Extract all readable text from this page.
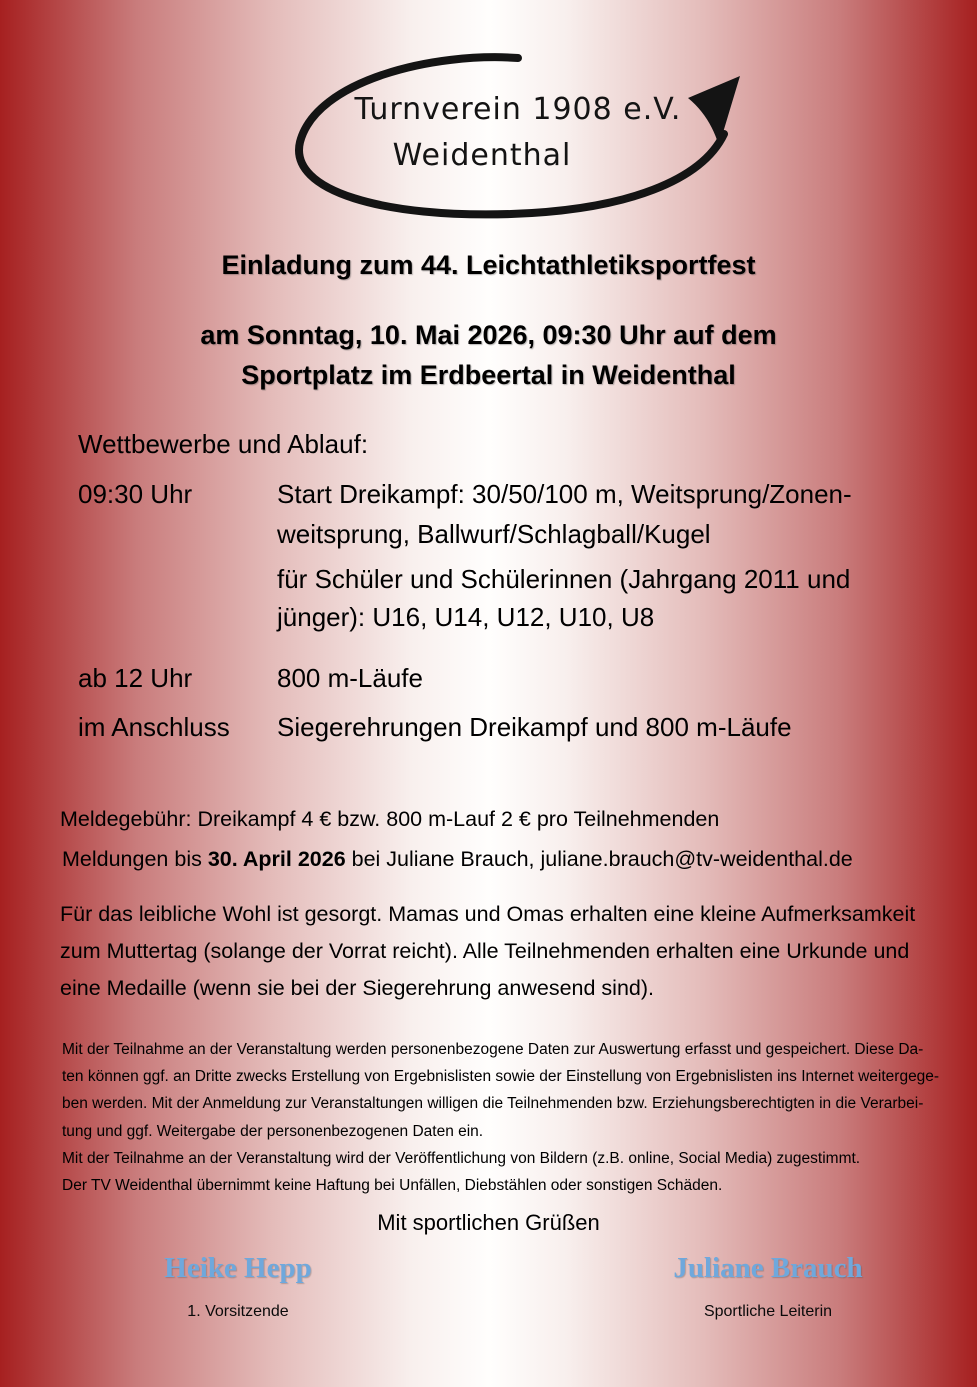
Turnverein 1908 e.V.
Weidenthal
Einladung zum 44. Leichtathletiksportfest
am Sonntag, 10. Mai 2026, 09:30 Uhr auf dem
Sportplatz im Erdbeertal in Weidenthal
Wettbewerbe und Ablauf:
09:30 Uhr	Start Dreikampf: 30/50/100 m, Weitsprung/Zonen-
weitsprung, Ballwurf/Schlagball/Kugel
für Schüler und Schülerinnen (Jahrgang 2011 und
jünger): U16, U14, U12, U10, U8
ab 12 Uhr	800 m-Läufe
im Anschluss Siegerehrungen Dreikampf und 800 m-Läufe
Meldegebühr: Dreikampf 4 € bzw. 800 m-Lauf 2 € pro Teilnehmenden
Meldungen bis 30. April 2026 bei Juliane Brauch, juliane.brauch@tv-weidenthal.de
Für das leibliche Wohl ist gesorgt. Mamas und Omas erhalten eine kleine Aufmerksamkeit
zum Muttertag (solange der Vorrat reicht). Alle Teilnehmenden erhalten eine Urkunde und
eine Medaille (wenn sie bei der Siegerehrung anwesend sind).
Mit der Teilnahme an der Veranstaltung werden personenbezogene Daten zur Auswertung erfasst und gespeichert. Diese Da-
ten können ggf. an Dritte zwecks Erstellung von Ergebnislisten sowie der Einstellung von Ergebnislisten ins Internet weitergege-
ben werden. Mit der Anmeldung zur Veranstaltungen willigen die Teilnehmenden bzw. Erziehungsberechtigten in die Verarbei-
tung und ggf. Weitergabe der personenbezogenen Daten ein.
Mit der Teilnahme an der Veranstaltung wird der Veröffentlichung von Bildern (z.B. online, Social Media) zugestimmt.
Der TV Weidenthal übernimmt keine Haftung bei Unfällen, Diebstählen oder sonstigen Schäden.
Mit sportlichen Grüßen
Heike Hepp
1. Vorsitzende
Juliane Brauch
Sportliche Leiterin
